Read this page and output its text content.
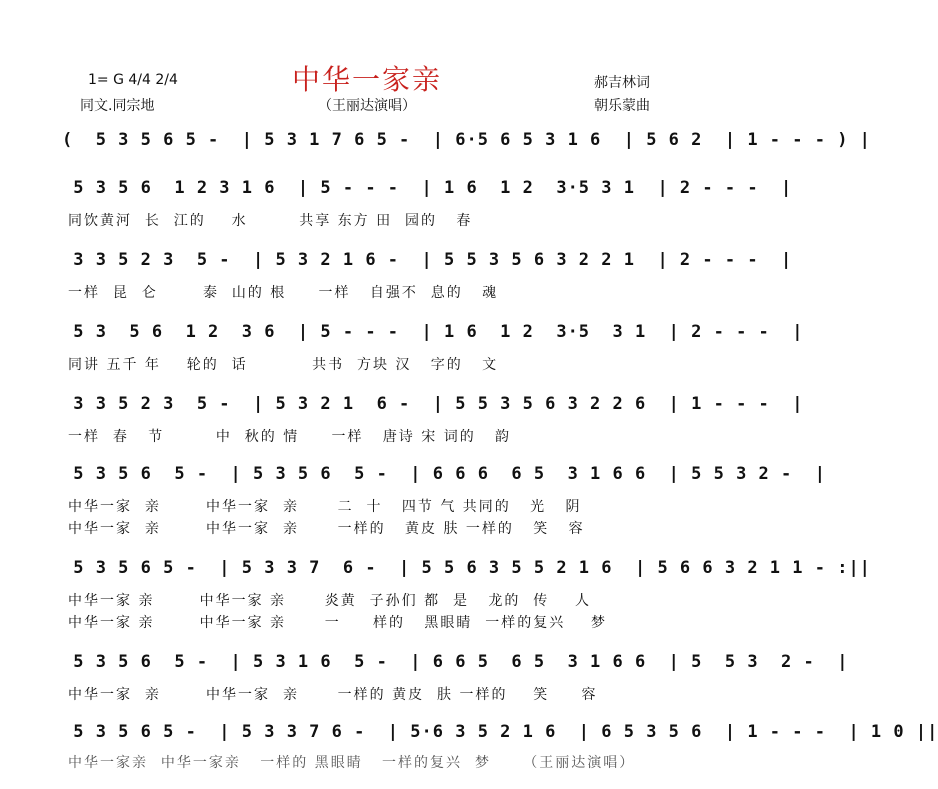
中华一家亲
（王丽达演唱）
1= G 4/4 2/4
同文.同宗地
郝吉林词
朝乐蒙曲
(  5 3 5 6 5 -  | 5 3 1 7 6 5 -  | 6·5 6 5 3 1 6  | 5 6 2  | 1 - - - ) |
5 3 5 6  1 2 3 1 6  | 5 - - -  | 1 6  1 2  3·5 3 1  | 2 - - -  |
同饮黄河  长  江的    水        共享 东方 田  园的   春
3 3 5 2 3  5 -  | 5 3 2 1 6 -  | 5 5 3 5 6 3 2 2 1  | 2 - - -  |
一样  昆  仑       泰  山的 根     一样   自强不  息的   魂
5 3  5 6  1 2  3 6  | 5 - - -  | 1 6  1 2  3·5  3 1  | 2 - - -  |
同讲 五千 年    轮的  话          共书  方块 汉   字的   文
3 3 5 2 3  5 -  | 5 3 2 1  6 -  | 5 5 3 5 6 3 2 2 6  | 1 - - -  |
一样  春   节        中  秋的 情     一样   唐诗 宋 词的   韵
5 3 5 6  5 -  | 5 3 5 6  5 -  | 6 6 6  6 5  3 1 6 6  | 5 5 3 2 -  |
中华一家  亲       中华一家  亲      二  十   四节 气 共同的   光   阴
中华一家  亲       中华一家  亲      一样的   黄皮 肤 一样的   笑   容
5 3 5 6 5 -  | 5 3 3 7  6 -  | 5 5 6 3 5 5 2 1 6  | 5 6 6 3 2 1 1 - :||
中华一家 亲       中华一家 亲      炎黄  子孙们 都  是   龙的  传    人
中华一家 亲       中华一家 亲      一     样的   黑眼睛  一样的复兴    梦
5 3 5 6  5 -  | 5 3 1 6  5 -  | 6 6 5  6 5  3 1 6 6  | 5  5 3  2 -  |
中华一家  亲       中华一家  亲      一样的 黄皮  肤 一样的    笑     容
5 3 5 6 5 -  | 5 3 3 7 6 -  | 5·6 3 5 2 1 6  | 6 5 3 5 6  | 1 - - -  | 1 0 ||
中华一家亲  中华一家亲   一样的 黑眼睛   一样的复兴  梦     （王丽达演唱）
